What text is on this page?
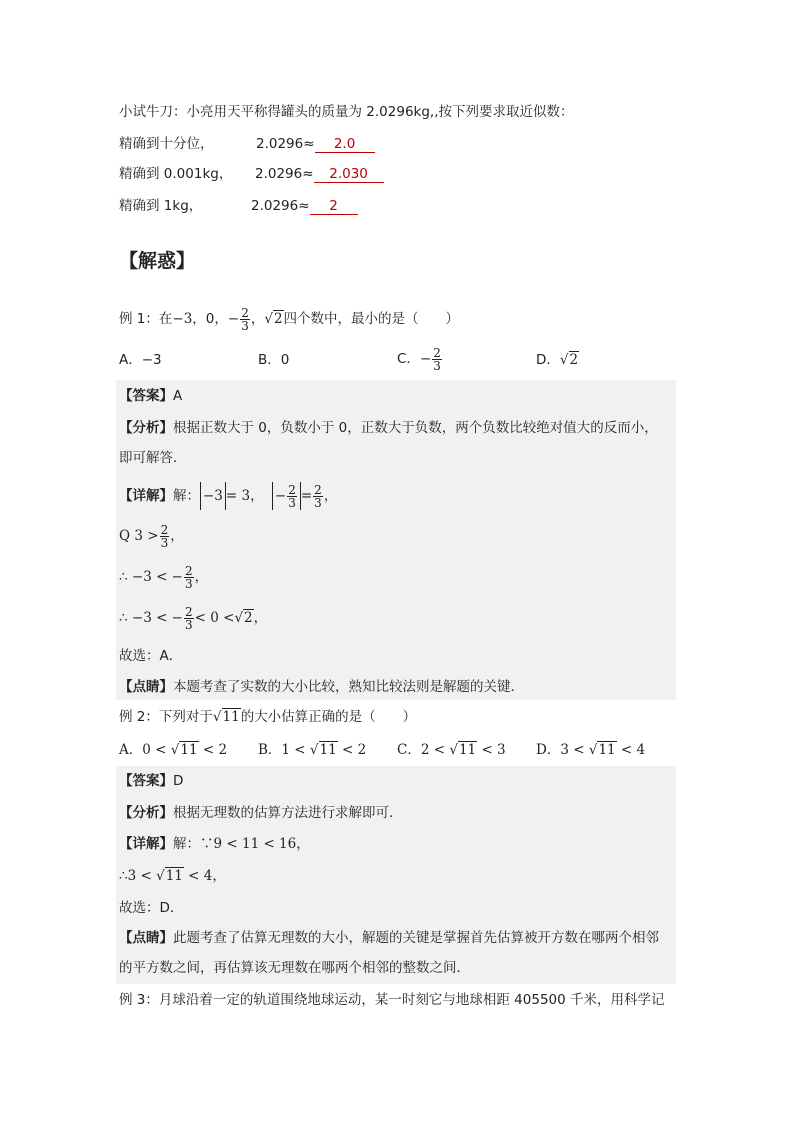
小试牛刀：小亮用天平称得罐头的质量为 2.0296kg,,按下列要求取近似数：
精确到十分位，	2.0296≈ 2.0
精确到 0.001kg， 2.0296≈ 2.030
精确到 1kg，	2.0296≈ 2
【解惑】
例 1：在−3，0，− $\frac{2}{3}$ ，√2四个数中，最小的是（　　）
A．−3	B．0	C．− $\frac{2}{3}$	D．√2
【答案】A
【分析】根据正数大于 0，负数小于 0，正数大于负数，两个负数比较绝对值大的反而小，
即可解答．
【详解】解： −3 = 3， − $\frac{2}{3} = \frac{2}{3}$ ，
Q $3 > \frac{2}{3}$ ，
∴ −3 < − $\frac{2}{3}$ ，
∴ −3 < − $\frac{2}{3} < 0 <√2$，
故选：A．
【点睛】本题考查了实数的大小比较，熟知比较法则是解题的关键．
例 2：下列对于√11的大小估算正确的是（　　）
A．0 < √11 < 2 B．1 < √11 < 2 C．2 < √11 < 3 D．3 < √11 < 4
【答案】D
【分析】根据无理数的估算方法进行求解即可．
【详解】解：∵9 < 11 < 16，
∴3 < √11 < 4，
故选：D．
【点睛】此题考查了估算无理数的大小，解题的关键是掌握首先估算被开方数在哪两个相邻
的平方数之间，再估算该无理数在哪两个相邻的整数之间．
例 3：月球沿着一定的轨道围绕地球运动，某一时刻它与地球相距 405500 千米，用科学记
